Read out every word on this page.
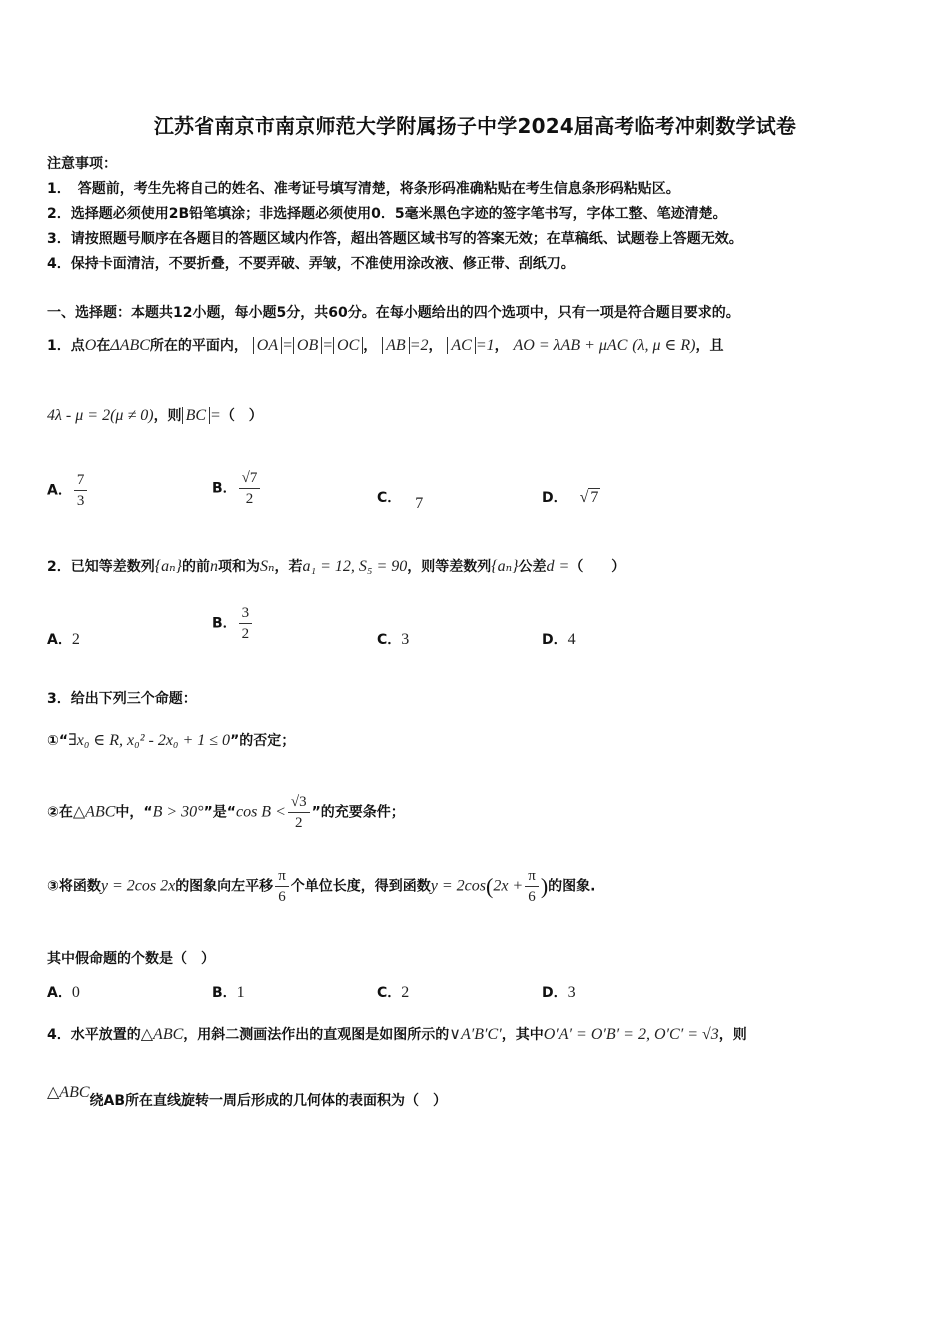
江苏省南京市南京师范大学附属扬子中学2024届高考临考冲刺数学试卷
注意事项：
1．　答题前，考生先将自己的姓名、准考证号填写清楚，将条形码准确粘贴在考生信息条形码粘贴区。
2．选择题必须使用2B铅笔填涂；非选择题必须使用0．5毫米黑色字迹的签字笔书写，字体工整、笔迹清楚。
3．请按照题号顺序在各题目的答题区域内作答，超出答题区域书写的答案无效；在草稿纸、试题卷上答题无效。
4．保持卡面清洁，不要折叠，不要弄破、弄皱，不准使用涂改液、修正带、刮纸刀。
一、选择题：本题共12小题，每小题5分，共60分。在每小题给出的四个选项中，只有一项是符合题目要求的。
1．点O在ΔABC所在的平面内， OA = OB = OC ， AB =2， AC =1， AO = λAB + μAC (λ, μ ∈ R)，且
4λ - μ = 2(μ ≠ 0)，则 BC =（　）
A． $\frac{7}{3}$	B． $\frac{√7}{2}$	C． 7	D． √ 7
2．已知等差数列{aₙ}的前n项和为Sₙ，若a₁ = 12, S₅ = 90，则等差数列{aₙ}公差d =（　　）
A．2
B． $\frac{3}{2}$	C．3	D．4
3．给出下列三个命题：
①“∃x₀ ∈ R, x₀² - 2x₀ + 1 ≤ 0”的否定；
②在△ABC中，“B > 30°”是“cos $B < \frac{√3}{2}$ ”的充要条件；
③将函数y = 2cos 2x的图象向左平移 $\frac{\pi}{6}$ 个单位长度，得到函数$y = 2\cos(2x + \frac{\pi}{6}$ )的图象.
其中假命题的个数是（　）
A．0	B．1	C．2	D．3
4．水平放置的△ABC，用斜二测画法作出的直观图是如图所示的∨A′B′C′，其中O′A′ = O′B′ = 2, O′C′ = √3，则
△ABC绕AB所在直线旋转一周后形成的几何体的表面积为（　）
